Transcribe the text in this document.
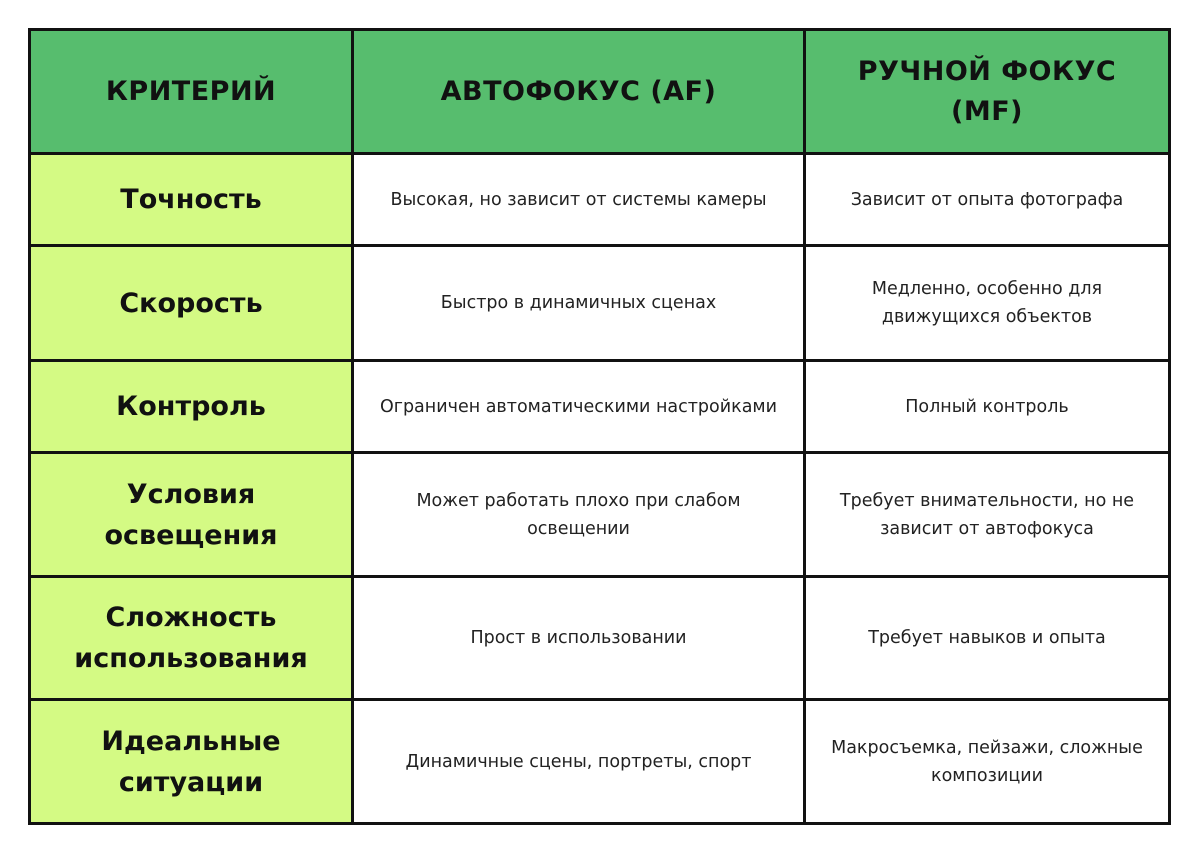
КРИТЕРИЙ	АВТОФОКУС (AF)	РУЧНОЙ ФОКУС (MF)
Точность	Высокая, но зависит от системы камеры	Зависит от опыта фотографа
Скорость	Быстро в динамичных сценах	Медленно, особенно для движущихся объектов
Контроль	Ограничен автоматическими настройками	Полный контроль
Условия освещения	Может работать плохо при слабом освещении	Требует внимательности, но не зависит от автофокуса
Сложность использования	Прост в использовании	Требует навыков и опыта
Идеальные ситуации	Динамичные сцены, портреты, спорт	Макросъемка, пейзажи, сложные композиции
